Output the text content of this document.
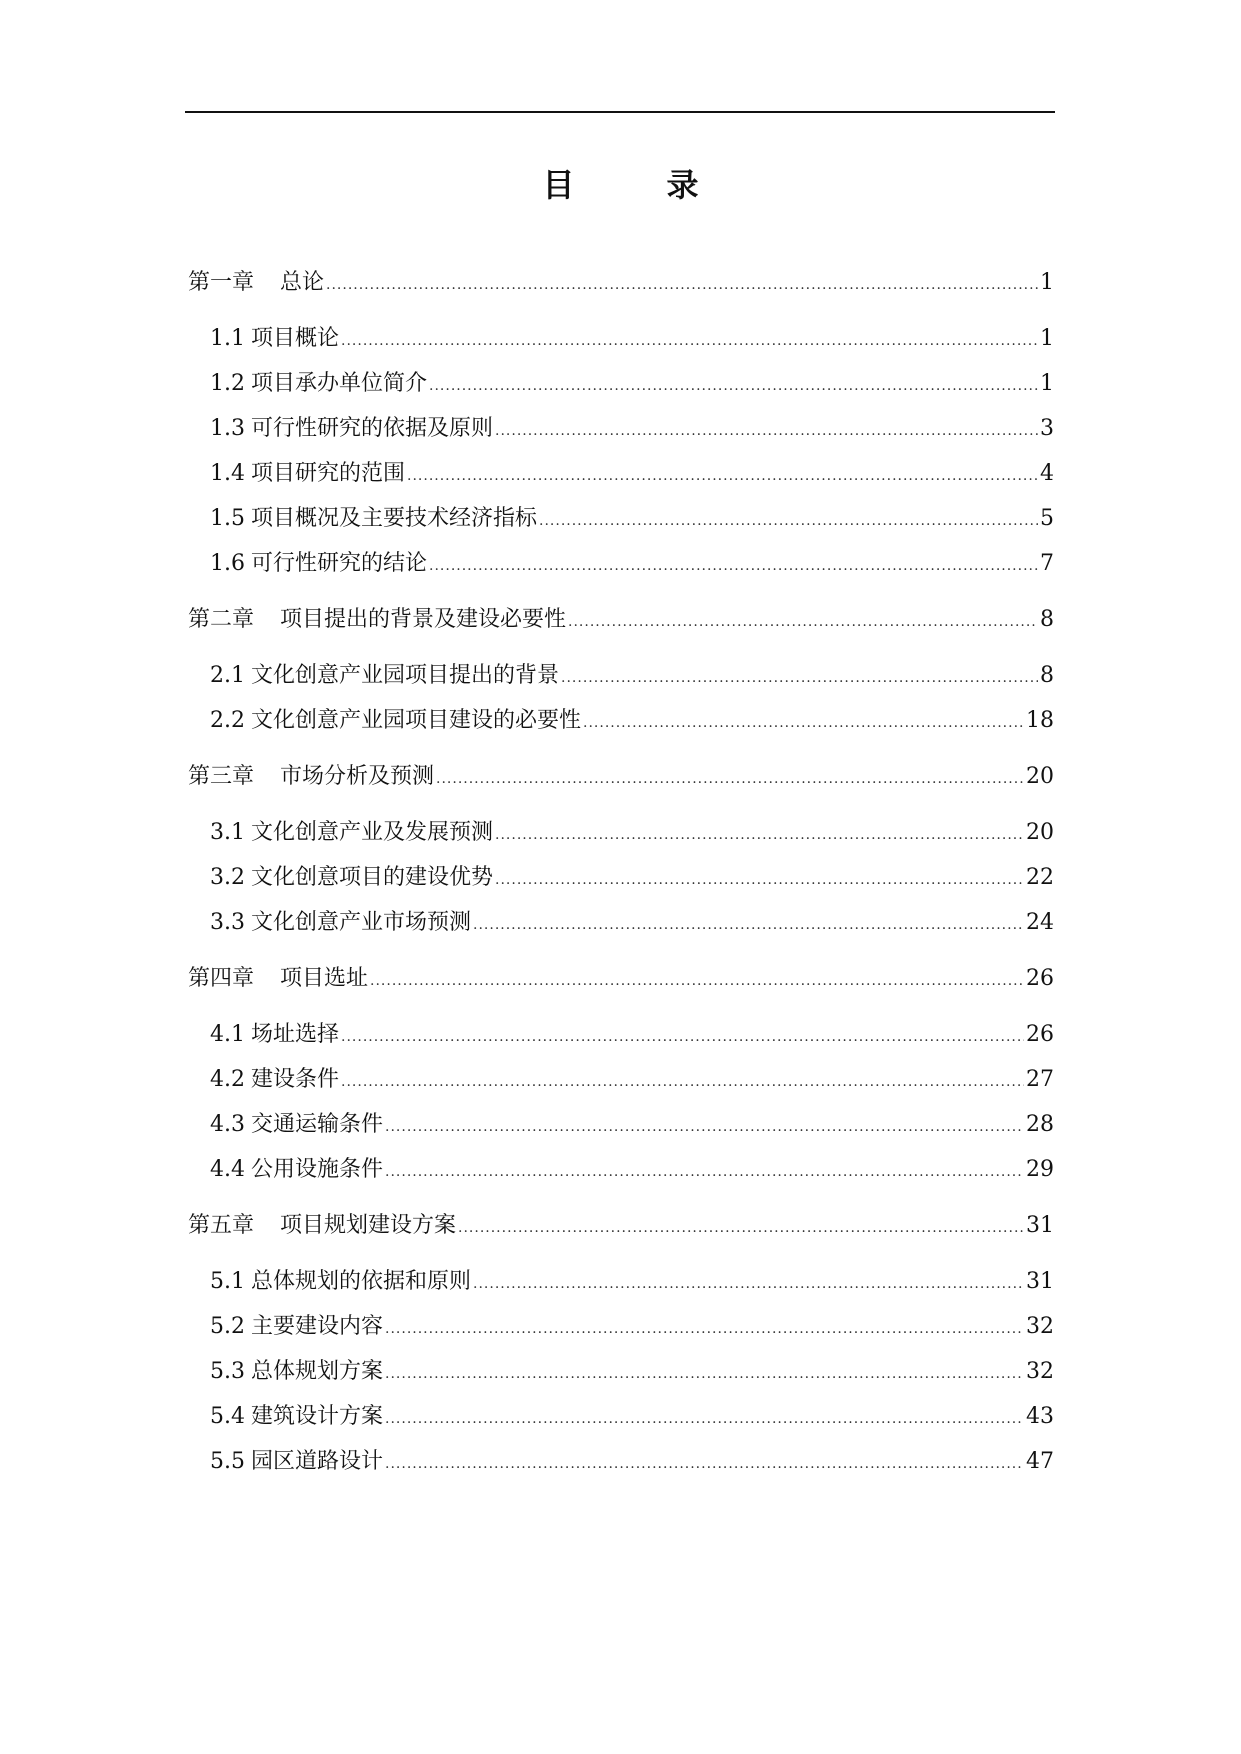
目　录
第一章 总论 .....	1
1.1 项目概论 .....	1
1.2 项目承办单位简介 .....	1
1.3 可行性研究的依据及原则 .....	3
1.4 项目研究的范围 .....	4
1.5 项目概况及主要技术经济指标 .....	5
1.6 可行性研究的结论 .....	7
第二章 项目提出的背景及建设必要性 .....	8
2.1 文化创意产业园项目提出的背景 .....	8
2.2 文化创意产业园项目建设的必要性 .....	18
第三章 市场分析及预测 .....	20
3.1 文化创意产业及发展预测 .....	20
3.2 文化创意项目的建设优势 .....	22
3.3 文化创意产业市场预测 .....	24
第四章 项目选址 .....	26
4.1 场址选择 .....	26
4.2 建设条件 .....	27
4.3 交通运输条件 .....	28
4.4 公用设施条件 .....	29
第五章 项目规划建设方案 .....	31
5.1 总体规划的依据和原则 .....	31
5.2 主要建设内容 .....	32
5.3 总体规划方案 .....	32
5.4 建筑设计方案 .....	43
5.5 园区道路设计 .....	47
